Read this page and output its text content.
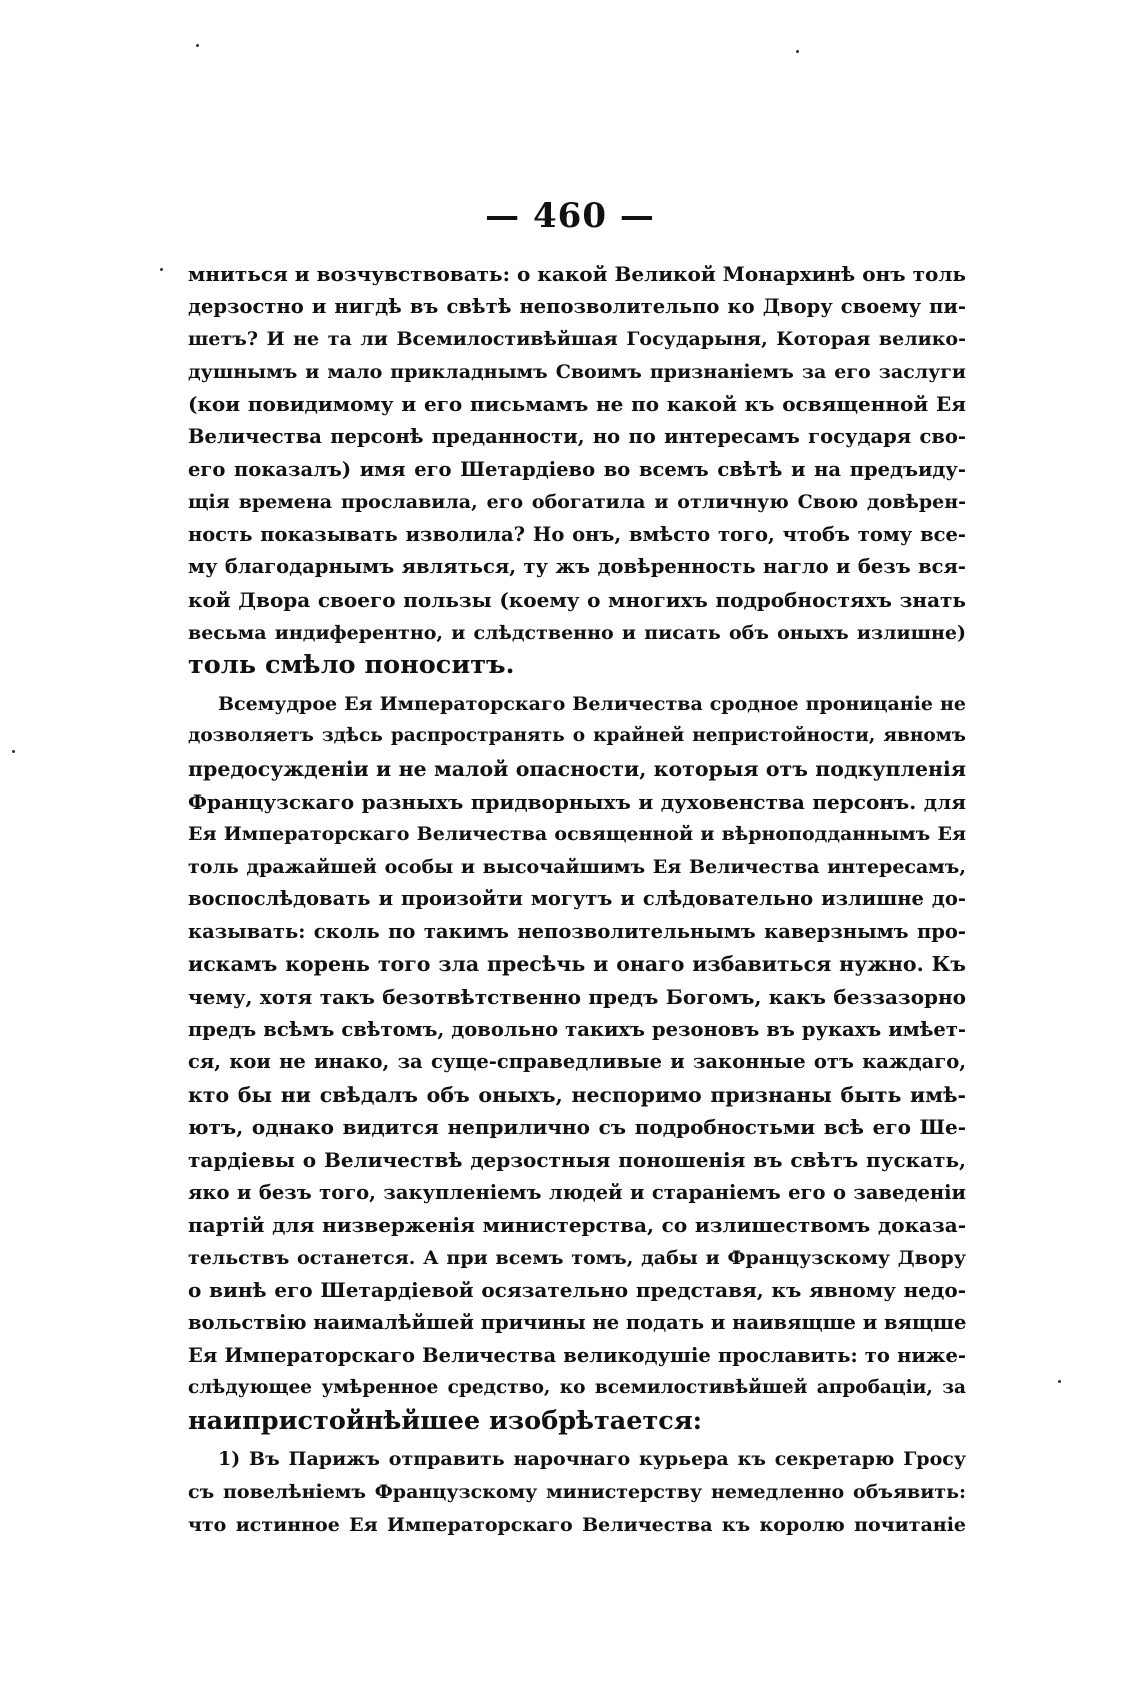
— 460 —
мниться и возчувствовать: о какой Великой Монархинѣ онъ толь
дерзостно и нигдѣ въ свѣтѣ непозволительпо ко Двору своему пи-
шетъ? И не та ли Всемилостивѣйшая Государыня, Которая велико-
душнымъ и мало прикладнымъ Своимъ признаніемъ за его заслуги
(кои повидимому и его письмамъ не по какой къ освященной Ея
Величества персонѣ преданности, но по интересамъ государя сво-
его показалъ) имя его Шетардіево во всемъ свѣтѣ и на предъиду-
щія времена прославила, его обогатила и отличную Свою довѣрен-
ность показывать изволила? Но онъ, вмѣсто того, чтобъ тому все-
му благодарнымъ являться, ту жъ довѣренность нагло и безъ вся-
кой Двора своего пользы (коему о многихъ подробностяхъ знать
весьма индиферентно, и слѣдственно и писать объ оныхъ излишне)
толь смѣло поноситъ.
Всемудрое Ея Императорскаго Величества сродное проницаніе не
дозволяетъ здѣсь распространять о крайней непристойности, явномъ
предосужденіи и не малой опасности, которыя отъ подкупленія
Французскаго разныхъ придворныхъ и духовенства персонъ. для
Ея Императорскаго Величества освященной и вѣрноподданнымъ Ея
толь дражайшей особы и высочайшимъ Ея Величества интересамъ,
воспослѣдовать и произойти могутъ и слѣдовательно излишне до-
казывать: сколь по такимъ непозволительнымъ каверзнымъ про-
искамъ корень того зла пресѣчь и онаго избавиться нужно. Къ
чему, хотя такъ безотвѣтственно предъ Богомъ, какъ беззазорно
предъ всѣмъ свѣтомъ, довольно такихъ резоновъ въ рукахъ имѣет-
ся, кои не инако, за суще-справедливые и законные отъ каждаго,
кто бы ни свѣдалъ объ оныхъ, неспоримо признаны быть имѣ-
ютъ, однако видится неприлично съ подробностьми всѣ его Ше-
тардіевы о Величествѣ дерзостныя поношенія въ свѣтъ пускать,
яко и безъ того, закупленіемъ людей и стараніемъ его о заведеніи
партій для низверженія министерства, со излишествомъ доказа-
тельствъ останется. А при всемъ томъ, дабы и Французскому Двору
о винѣ его Шетардіевой осязательно представя, къ явному недо-
вольствію наималѣйшей причины не подать и наивящше и вящше
Ея Императорскаго Величества великодушіе прославить: то ниже-
слѣдующее умѣренное средство, ко всемилостивѣйшей апробаціи, за
наипристойнѣйшее изобрѣтается:
1) Въ Парижъ отправить нарочнаго курьера къ секретарю Гросу
съ повелѣніемъ Французскому министерству немедленно объявить:
что истинное Ея Императорскаго Величества къ королю почитаніе
